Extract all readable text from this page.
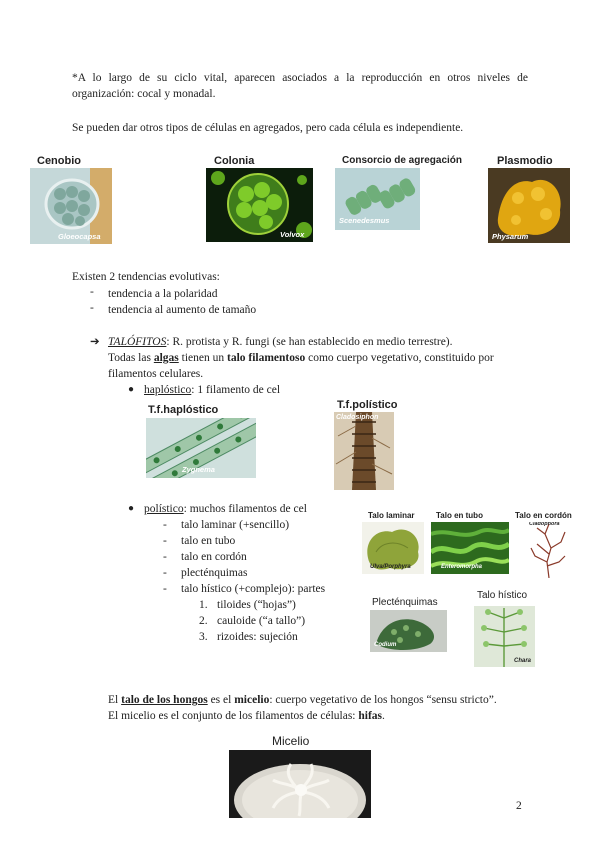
*A lo largo de su ciclo vital, aparecen asociados a la reproducción en otros niveles de organización: cocal y monadal.
Se pueden dar otros tipos de células en agregados, pero cada célula es independiente.
Cenobio
Gloeocapsa
Colonia
Volvox
Consorcio de agregación
Scenedesmus
Plasmodio
Physarum
Existen 2 tendencias evolutivas:
- tendencia a la polaridad
- tendencia al aumento de tamaño
➔ TALÓFITOS: R. protista y R. fungi (se han establecido en medio terrestre).
Todas las algas tienen un talo filamentoso como cuerpo vegetativo, constituido por
filamentos celulares.
● haplóstico: 1 filamento de cel
T.f.haplóstico
Zygnema
T.f.polístico
Cladosiphon
● polístico: muchos filamentos de cel
- talo laminar (+sencillo)
- talo en tubo
- talo en cordón
- plecténquimas
- talo hístico (+complejo): partes
1. tiloides (“hojas”)
2. cauloide (“a tallo”)
3. rizoides: sujeción
Talo laminar
Ulva/Porphyra
Talo en tubo
Enteromorpha
Talo en cordón
Cladophora
Plecténquimas
Codium
Talo hístico
Chara
El talo de los hongos es el micelio: cuerpo vegetativo de los hongos “sensu stricto”.
El micelio es el conjunto de los filamentos de células: hifas.
Micelio
2
